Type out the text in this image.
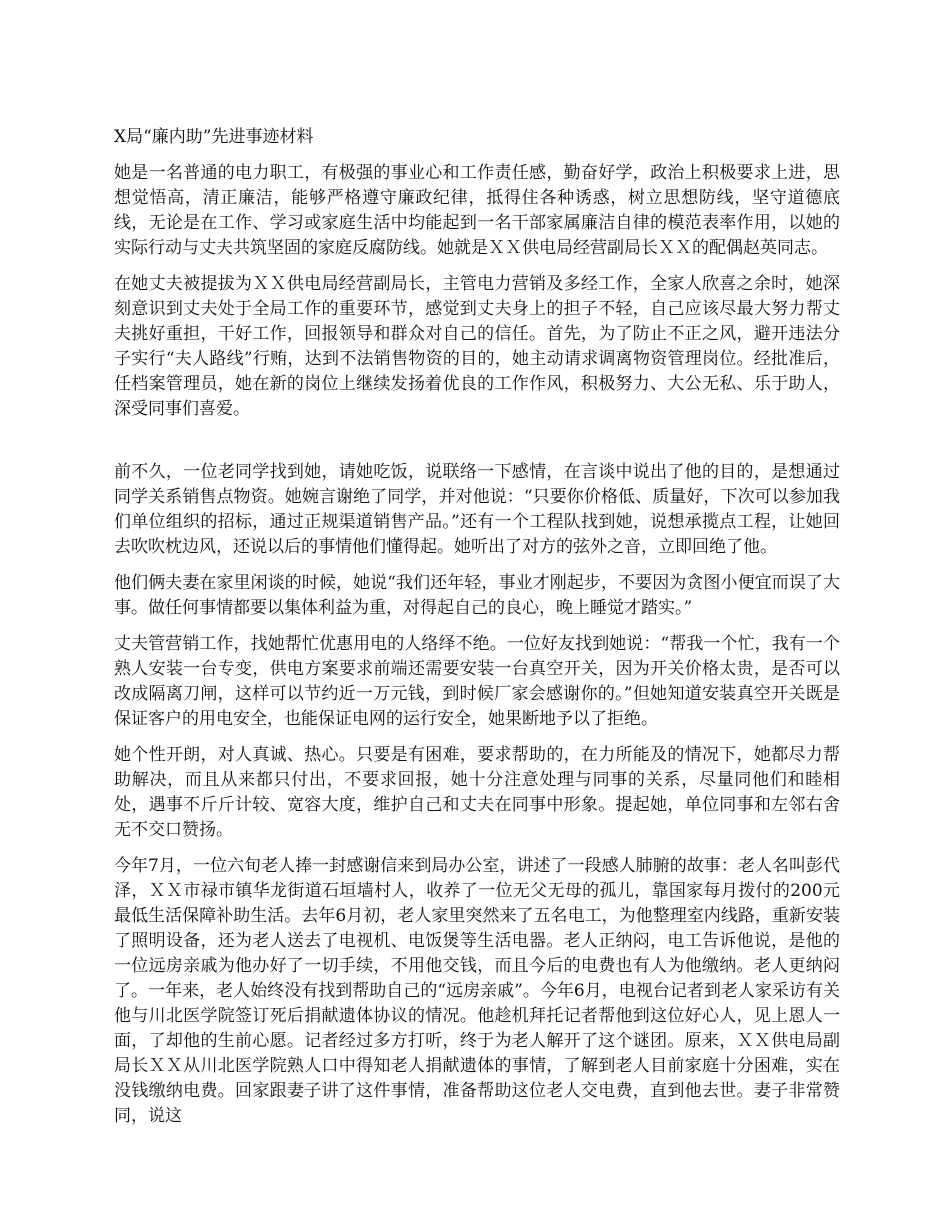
X局“廉内助”先进事迹材料

她是一名普通的电力职工，有极强的事业心和工作责任感，勤奋好学，政治上积极要求上进，思想觉悟高，清正廉洁，能够严格遵守廉政纪律，抵得住各种诱惑，树立思想防线，坚守道德底线，无论是在工作、学习或家庭生活中均能起到一名干部家属廉洁自律的模范表率作用，以她的实际行动与丈夫共筑坚固的家庭反腐防线。她就是ＸＸ供电局经营副局长ＸＸ的配偶赵英同志。

在她丈夫被提拔为ＸＸ供电局经营副局长，主管电力营销及多经工作，全家人欣喜之余时，她深刻意识到丈夫处于全局工作的重要环节，感觉到丈夫身上的担子不轻，自己应该尽最大努力帮丈夫挑好重担，干好工作，回报领导和群众对自己的信任。首先，为了防止不正之风，避开违法分子实行“夫人路线”行贿，达到不法销售物资的目的，她主动请求调离物资管理岗位。经批准后，任档案管理员，她在新的岗位上继续发扬着优良的工作作风，积极努力、大公无私、乐于助人，深受同事们喜爱。

前不久，一位老同学找到她，请她吃饭，说联络一下感情，在言谈中说出了他的目的，是想通过同学关系销售点物资。她婉言谢绝了同学，并对他说：“只要你价格低、质量好，下次可以参加我们单位组织的招标，通过正规渠道销售产品。”还有一个工程队找到她，说想承揽点工程，让她回去吹吹枕边风，还说以后的事情他们懂得起。她听出了对方的弦外之音，立即回绝了他。

他们俩夫妻在家里闲谈的时候，她说“我们还年轻，事业才刚起步，不要因为贪图小便宜而误了大事。做任何事情都要以集体利益为重，对得起自己的良心，晚上睡觉才踏实。”

丈夫管营销工作，找她帮忙优惠用电的人络绎不绝。一位好友找到她说：“帮我一个忙，我有一个熟人安装一台专变，供电方案要求前端还需要安装一台真空开关，因为开关价格太贵，是否可以改成隔离刀闸，这样可以节约近一万元钱，到时候厂家会感谢你的。”但她知道安装真空开关既是保证客户的用电安全，也能保证电网的运行安全，她果断地予以了拒绝。

她个性开朗，对人真诚、热心。只要是有困难，要求帮助的，在力所能及的情况下，她都尽力帮助解决，而且从来都只付出，不要求回报，她十分注意处理与同事的关系，尽量同他们和睦相处，遇事不斤斤计较、宽容大度，维护自己和丈夫在同事中形象。提起她，单位同事和左邻右舍无不交口赞扬。

今年7月，一位六旬老人捧一封感谢信来到局办公室，讲述了一段感人肺腑的故事：老人名叫彭代泽，ＸＸ市禄市镇华龙街道石垣墙村人，收养了一位无父无母的孤儿，靠国家每月拨付的200元最低生活保障补助生活。去年6月初，老人家里突然来了五名电工，为他整理室内线路，重新安装了照明设备，还为老人送去了电视机、电饭煲等生活电器。老人正纳闷，电工告诉他说，是他的一位远房亲戚为他办好了一切手续，不用他交钱，而且今后的电费也有人为他缴纳。老人更纳闷了。一年来，老人始终没有找到帮助自己的“远房亲戚”。今年6月，电视台记者到老人家采访有关他与川北医学院签订死后捐献遗体协议的情况。他趁机拜托记者帮他到这位好心人，见上恩人一面，了却他的生前心愿。记者经过多方打听，终于为老人解开了这个谜团。原来，ＸＸ供电局副局长ＸＸ从川北医学院熟人口中得知老人捐献遗体的事情，了解到老人目前家庭十分困难，实在没钱缴纳电费。回家跟妻子讲了这件事情，准备帮助这位老人交电费，直到他去世。妻子非常赞同，说这
